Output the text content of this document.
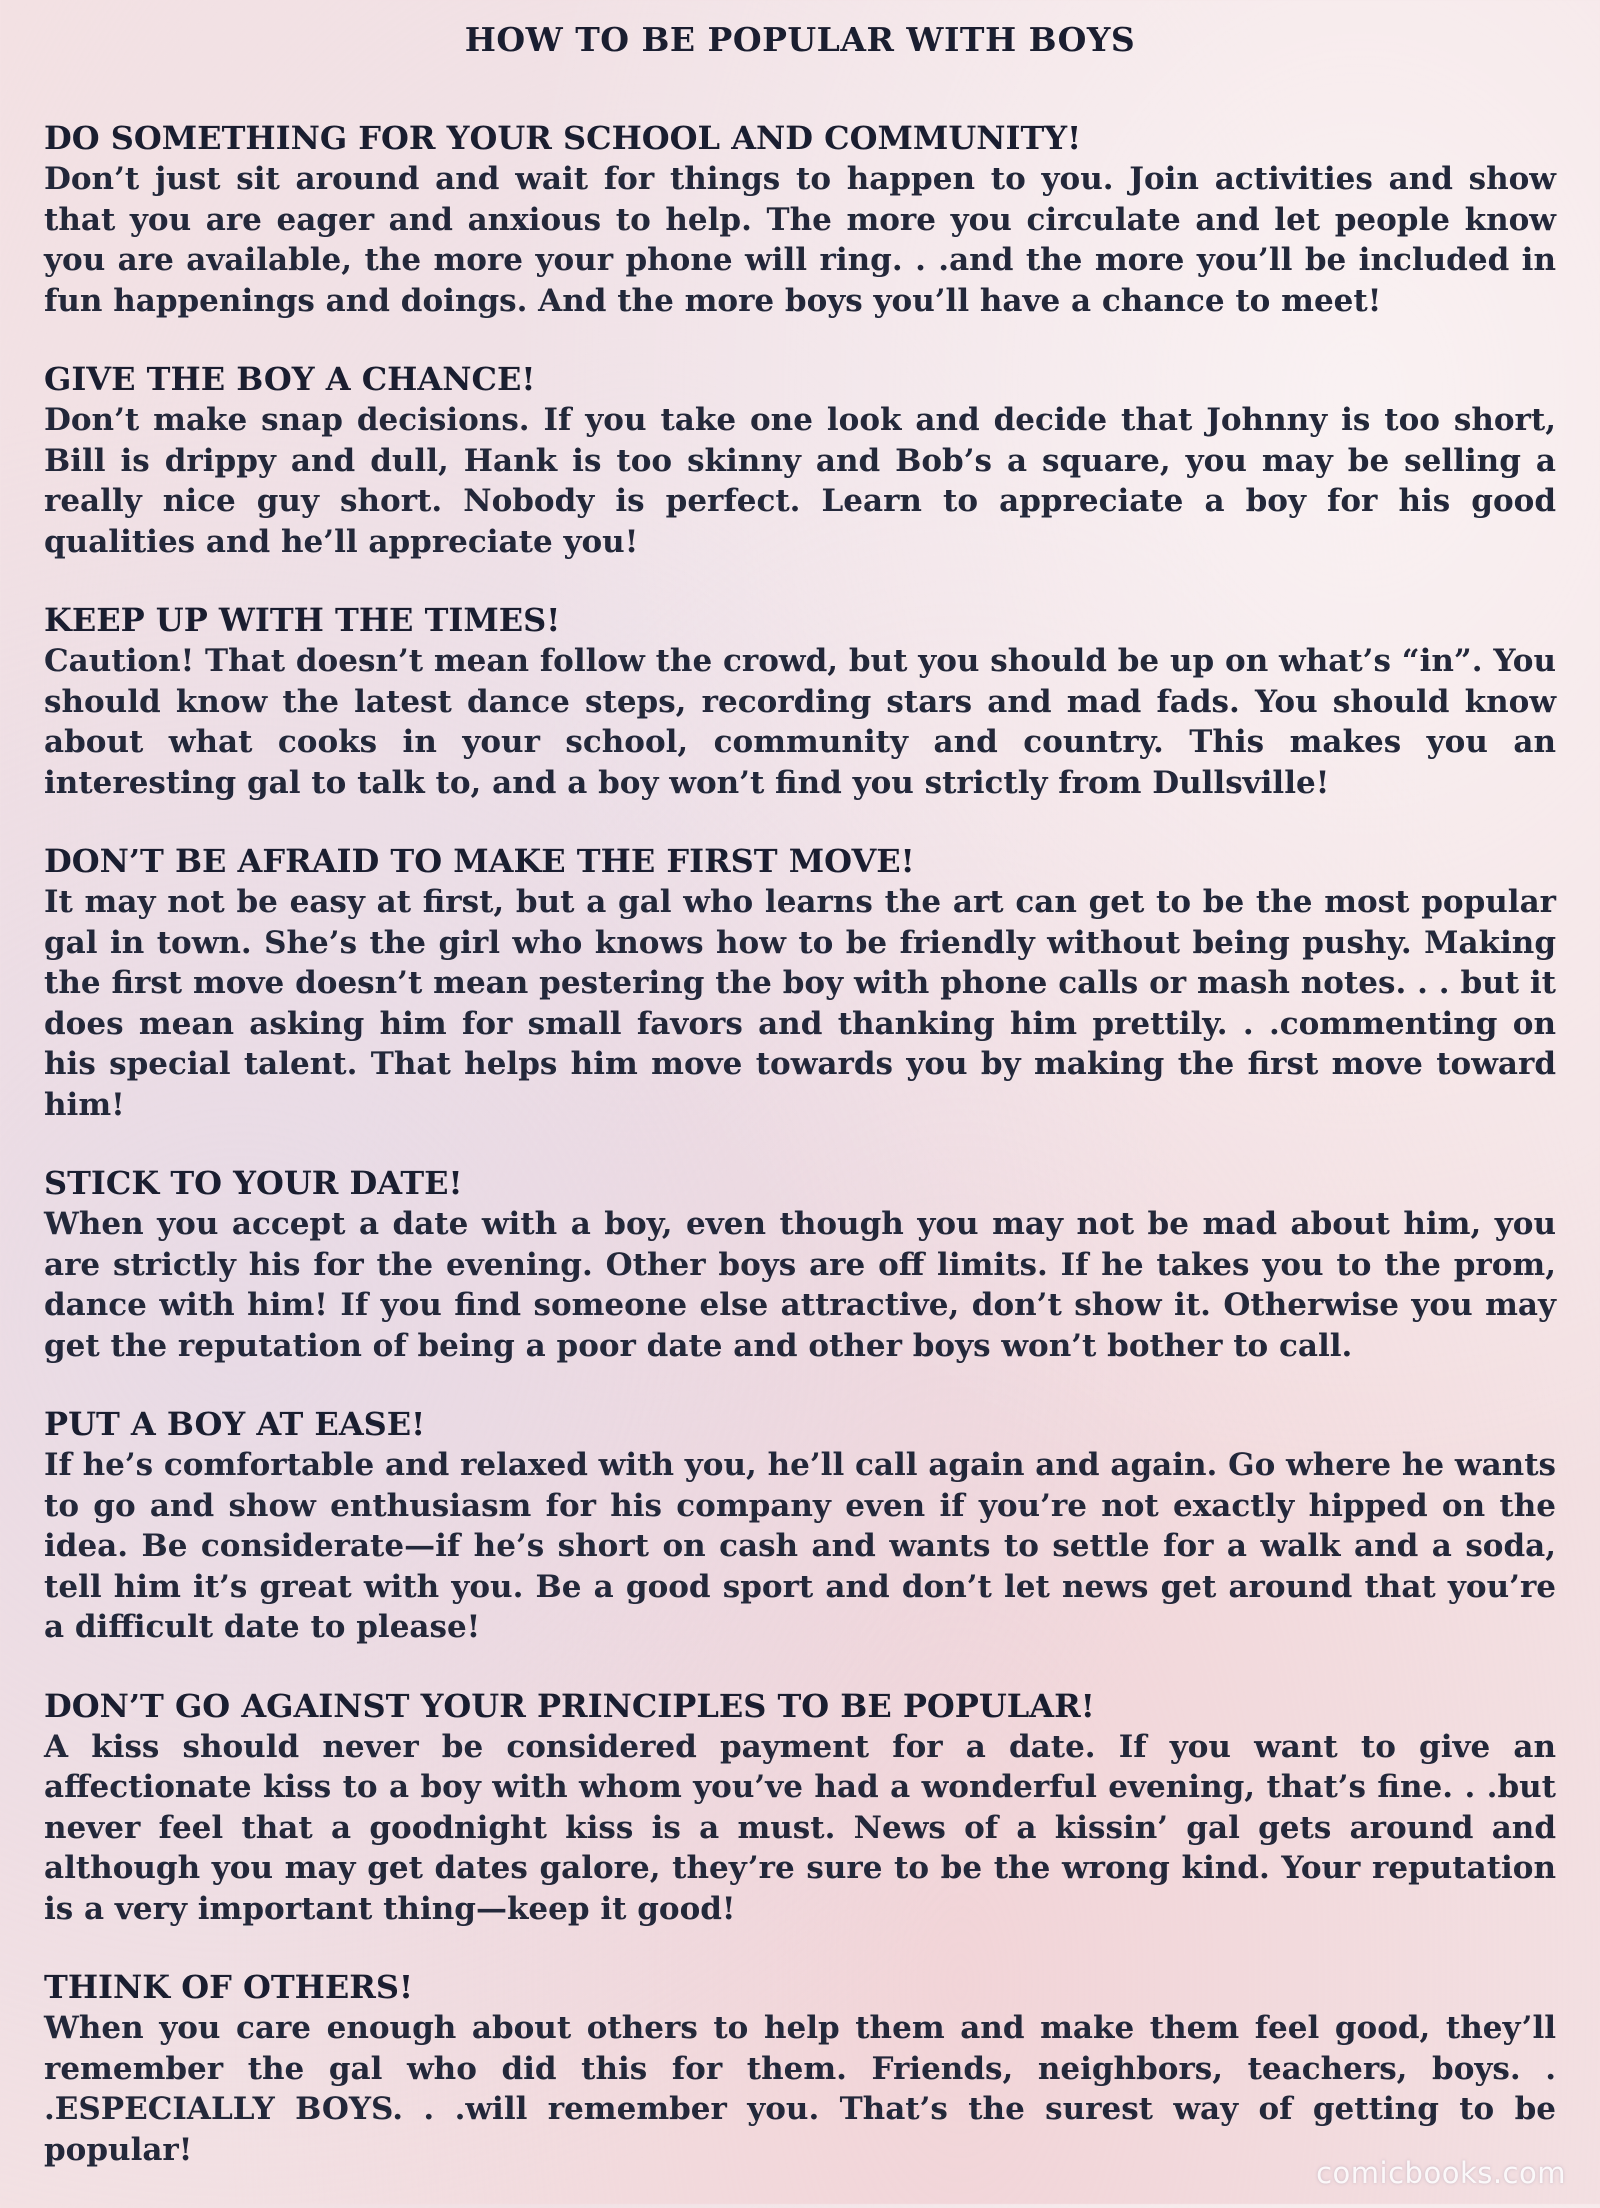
HOW TO BE POPULAR WITH BOYS

DO SOMETHING FOR YOUR SCHOOL AND COMMUNITY!

Don’t just sit around and wait for things to happen to you. Join activities and show that you are eager and anxious to help. The more you circulate and let people know you are available, the more your phone will ring. . .and the more you’ll be included in fun happenings and doings. And the more boys you’ll have a chance to meet!

GIVE THE BOY A CHANCE!

Don’t make snap decisions. If you take one look and decide that Johnny is too short, Bill is drippy and dull, Hank is too skinny and Bob’s a square, you may be selling a really nice guy short. Nobody is perfect. Learn to appreciate a boy for his good qualities and he’ll appreciate you!

KEEP UP WITH THE TIMES!

Caution! That doesn’t mean follow the crowd, but you should be up on what’s “in”. You should know the latest dance steps, recording stars and mad fads. You should know about what cooks in your school, community and country. This makes you an interesting gal to talk to, and a boy won’t find you strictly from Dullsville!

DON’T BE AFRAID TO MAKE THE FIRST MOVE!

It may not be easy at first, but a gal who learns the art can get to be the most popular gal in town. She’s the girl who knows how to be friendly without being pushy. Making the first move doesn’t mean pestering the boy with phone calls or mash notes. . . but it does mean asking him for small favors and thanking him prettily. . .commenting on his special talent. That helps him move towards you by making the first move toward him!

STICK TO YOUR DATE!

When you accept a date with a boy, even though you may not be mad about him, you are strictly his for the evening. Other boys are off limits. If he takes you to the prom, dance with him! If you find someone else attractive, don’t show it. Otherwise you may get the reputation of being a poor date and other boys won’t bother to call.

PUT A BOY AT EASE!

If he’s comfortable and relaxed with you, he’ll call again and again. Go where he wants to go and show enthusiasm for his company even if you’re not exactly hipped on the idea. Be considerate—if he’s short on cash and wants to settle for a walk and a soda, tell him it’s great with you. Be a good sport and don’t let news get around that you’re a difficult date to please!

DON’T GO AGAINST YOUR PRINCIPLES TO BE POPULAR!

A kiss should never be considered payment for a date. If you want to give an affectionate kiss to a boy with whom you’ve had a wonderful evening, that’s fine. . .but never feel that a goodnight kiss is a must. News of a kissin’ gal gets around and although you may get dates galore, they’re sure to be the wrong kind. Your reputation is a very important thing—keep it good!

THINK OF OTHERS!

When you care enough about others to help them and make them feel good, they’ll remember the gal who did this for them. Friends, neighbors, teachers, boys. . .ESPECIALLY BOYS. . .will remember you. That’s the surest way of getting to be popular!

comicbooks.com
